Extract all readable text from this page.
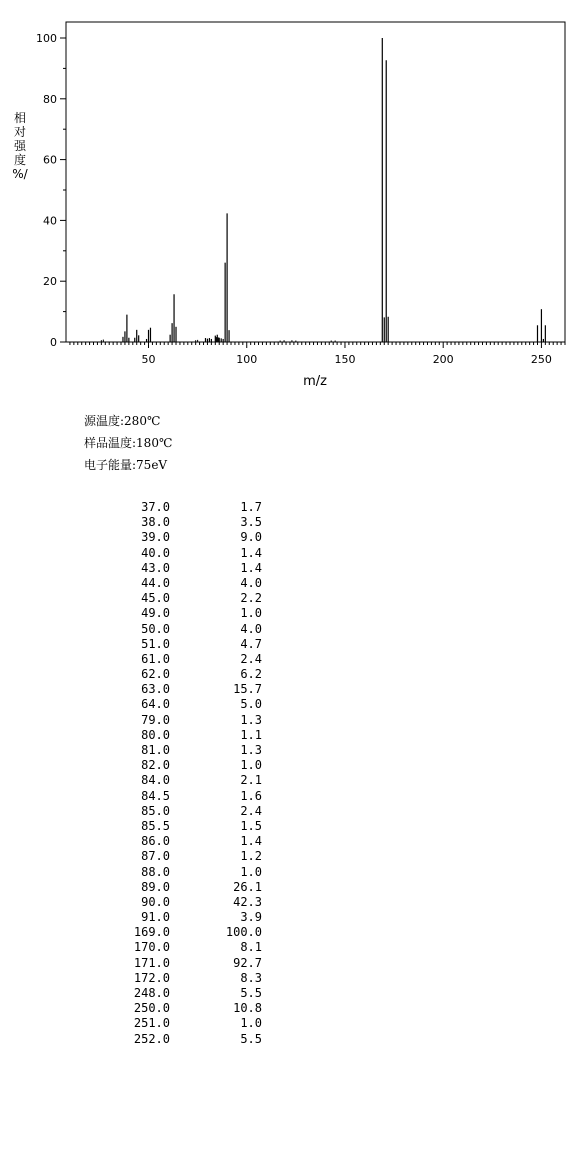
50	100	150	200	250
0
20
40
60
80
100
m/z
相
对
强
度
%/
源温度:280℃
样品温度:180℃
电子能量:75eV
37.0	1.7
38.0	3.5
39.0	9.0
40.0	1.4
43.0	1.4
44.0	4.0
45.0	2.2
49.0	1.0
50.0	4.0
51.0	4.7
61.0	2.4
62.0	6.2
63.0	15.7
64.0	5.0
79.0	1.3
80.0	1.1
81.0	1.3
82.0	1.0
84.0	2.1
84.5	1.6
85.0	2.4
85.5	1.5
86.0	1.4
87.0	1.2
88.0	1.0
89.0	26.1
90.0	42.3
91.0	3.9
169.0	100.0
170.0	8.1
171.0	92.7
172.0	8.3
248.0	5.5
250.0	10.8
251.0	1.0
252.0	5.5
